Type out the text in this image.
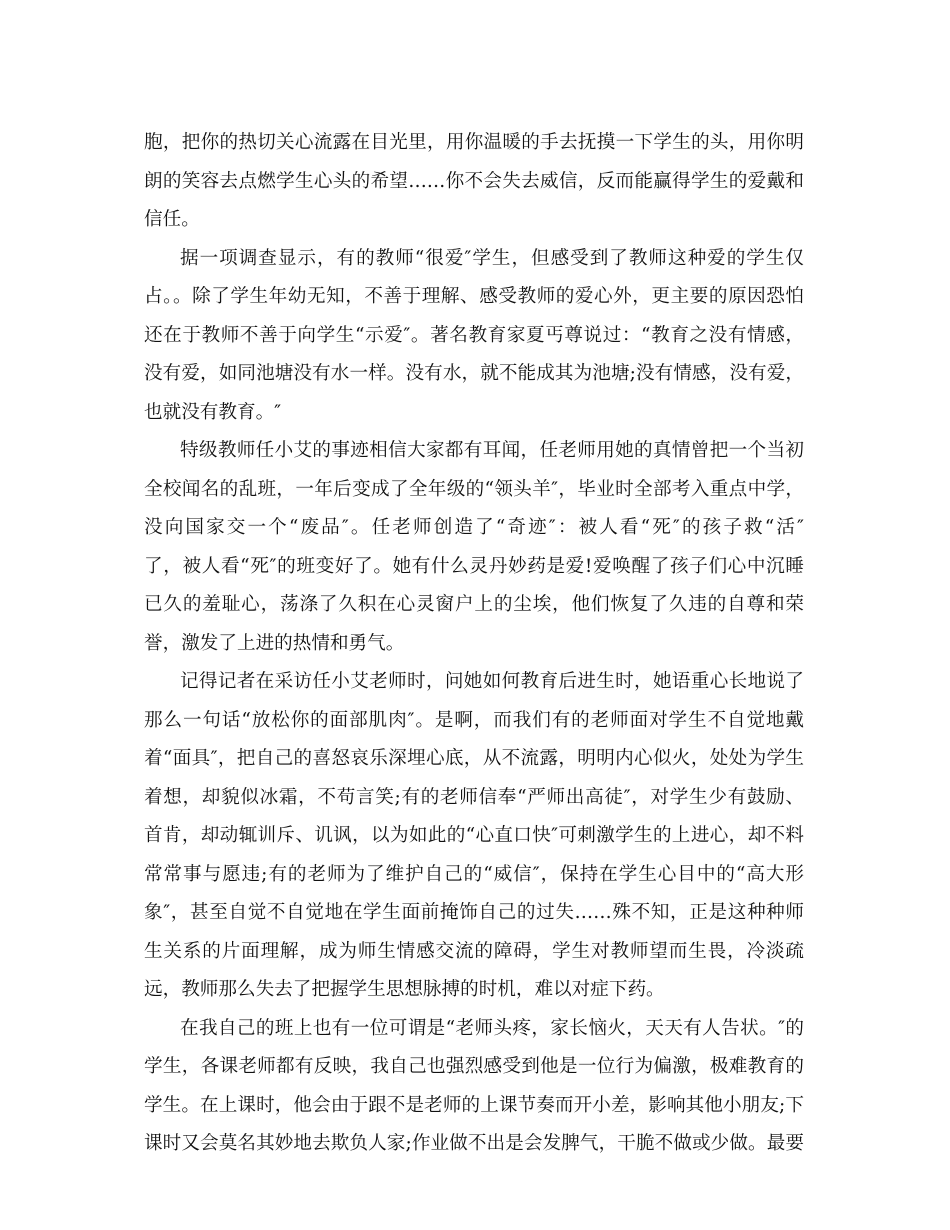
胞，把你的热切关心流露在目光里，用你温暖的手去抚摸一下学生的头，用你明
朗的笑容去点燃学生心头的希望……你不会失去威信，反而能赢得学生的爱戴和
信任。
据一项调查显示，有的教师“很爱″学生，但感受到了教师这种爱的学生仅
占。。除了学生年幼无知，不善于理解、感受教师的爱心外，更主要的原因恐怕
还在于教师不善于向学生“示爱″。著名教育家夏丐尊说过：“教育之没有情感，
没有爱，如同池塘没有水一样。没有水，就不能成其为池塘;没有情感，没有爱，
也就没有教育。″
特级教师任小艾的事迹相信大家都有耳闻，任老师用她的真情曾把一个当初
全校闻名的乱班，一年后变成了全年级的“领头羊″，毕业时全部考入重点中学，
没向国家交一个“废品″。任老师创造了“奇迹″：被人看“死″的孩子救“活″
了，被人看“死″的班变好了。她有什么灵丹妙药是爱!爱唤醒了孩子们心中沉睡
已久的羞耻心，荡涤了久积在心灵窗户上的尘埃，他们恢复了久违的自尊和荣
誉，激发了上进的热情和勇气。
记得记者在采访任小艾老师时，问她如何教育后进生时，她语重心长地说了
那么一句话“放松你的面部肌肉″。是啊，而我们有的老师面对学生不自觉地戴
着“面具″，把自己的喜怒哀乐深埋心底，从不流露，明明内心似火，处处为学生
着想，却貌似冰霜，不苟言笑;有的老师信奉“严师出高徒″，对学生少有鼓励、
首肯，却动辄训斥、讥讽，以为如此的“心直口快″可刺激学生的上进心，却不料
常常事与愿违;有的老师为了维护自己的“威信″，保持在学生心目中的“高大形
象″，甚至自觉不自觉地在学生面前掩饰自己的过失……殊不知，正是这种种师
生关系的片面理解，成为师生情感交流的障碍，学生对教师望而生畏，冷淡疏
远，教师那么失去了把握学生思想脉搏的时机，难以对症下药。
在我自己的班上也有一位可谓是“老师头疼，家长恼火，天天有人告状。″的
学生，各课老师都有反映，我自己也强烈感受到他是一位行为偏激，极难教育的
学生。在上课时，他会由于跟不是老师的上课节奏而开小差，影响其他小朋友;下
课时又会莫名其妙地去欺负人家;作业做不出是会发脾气，干脆不做或少做。最要
